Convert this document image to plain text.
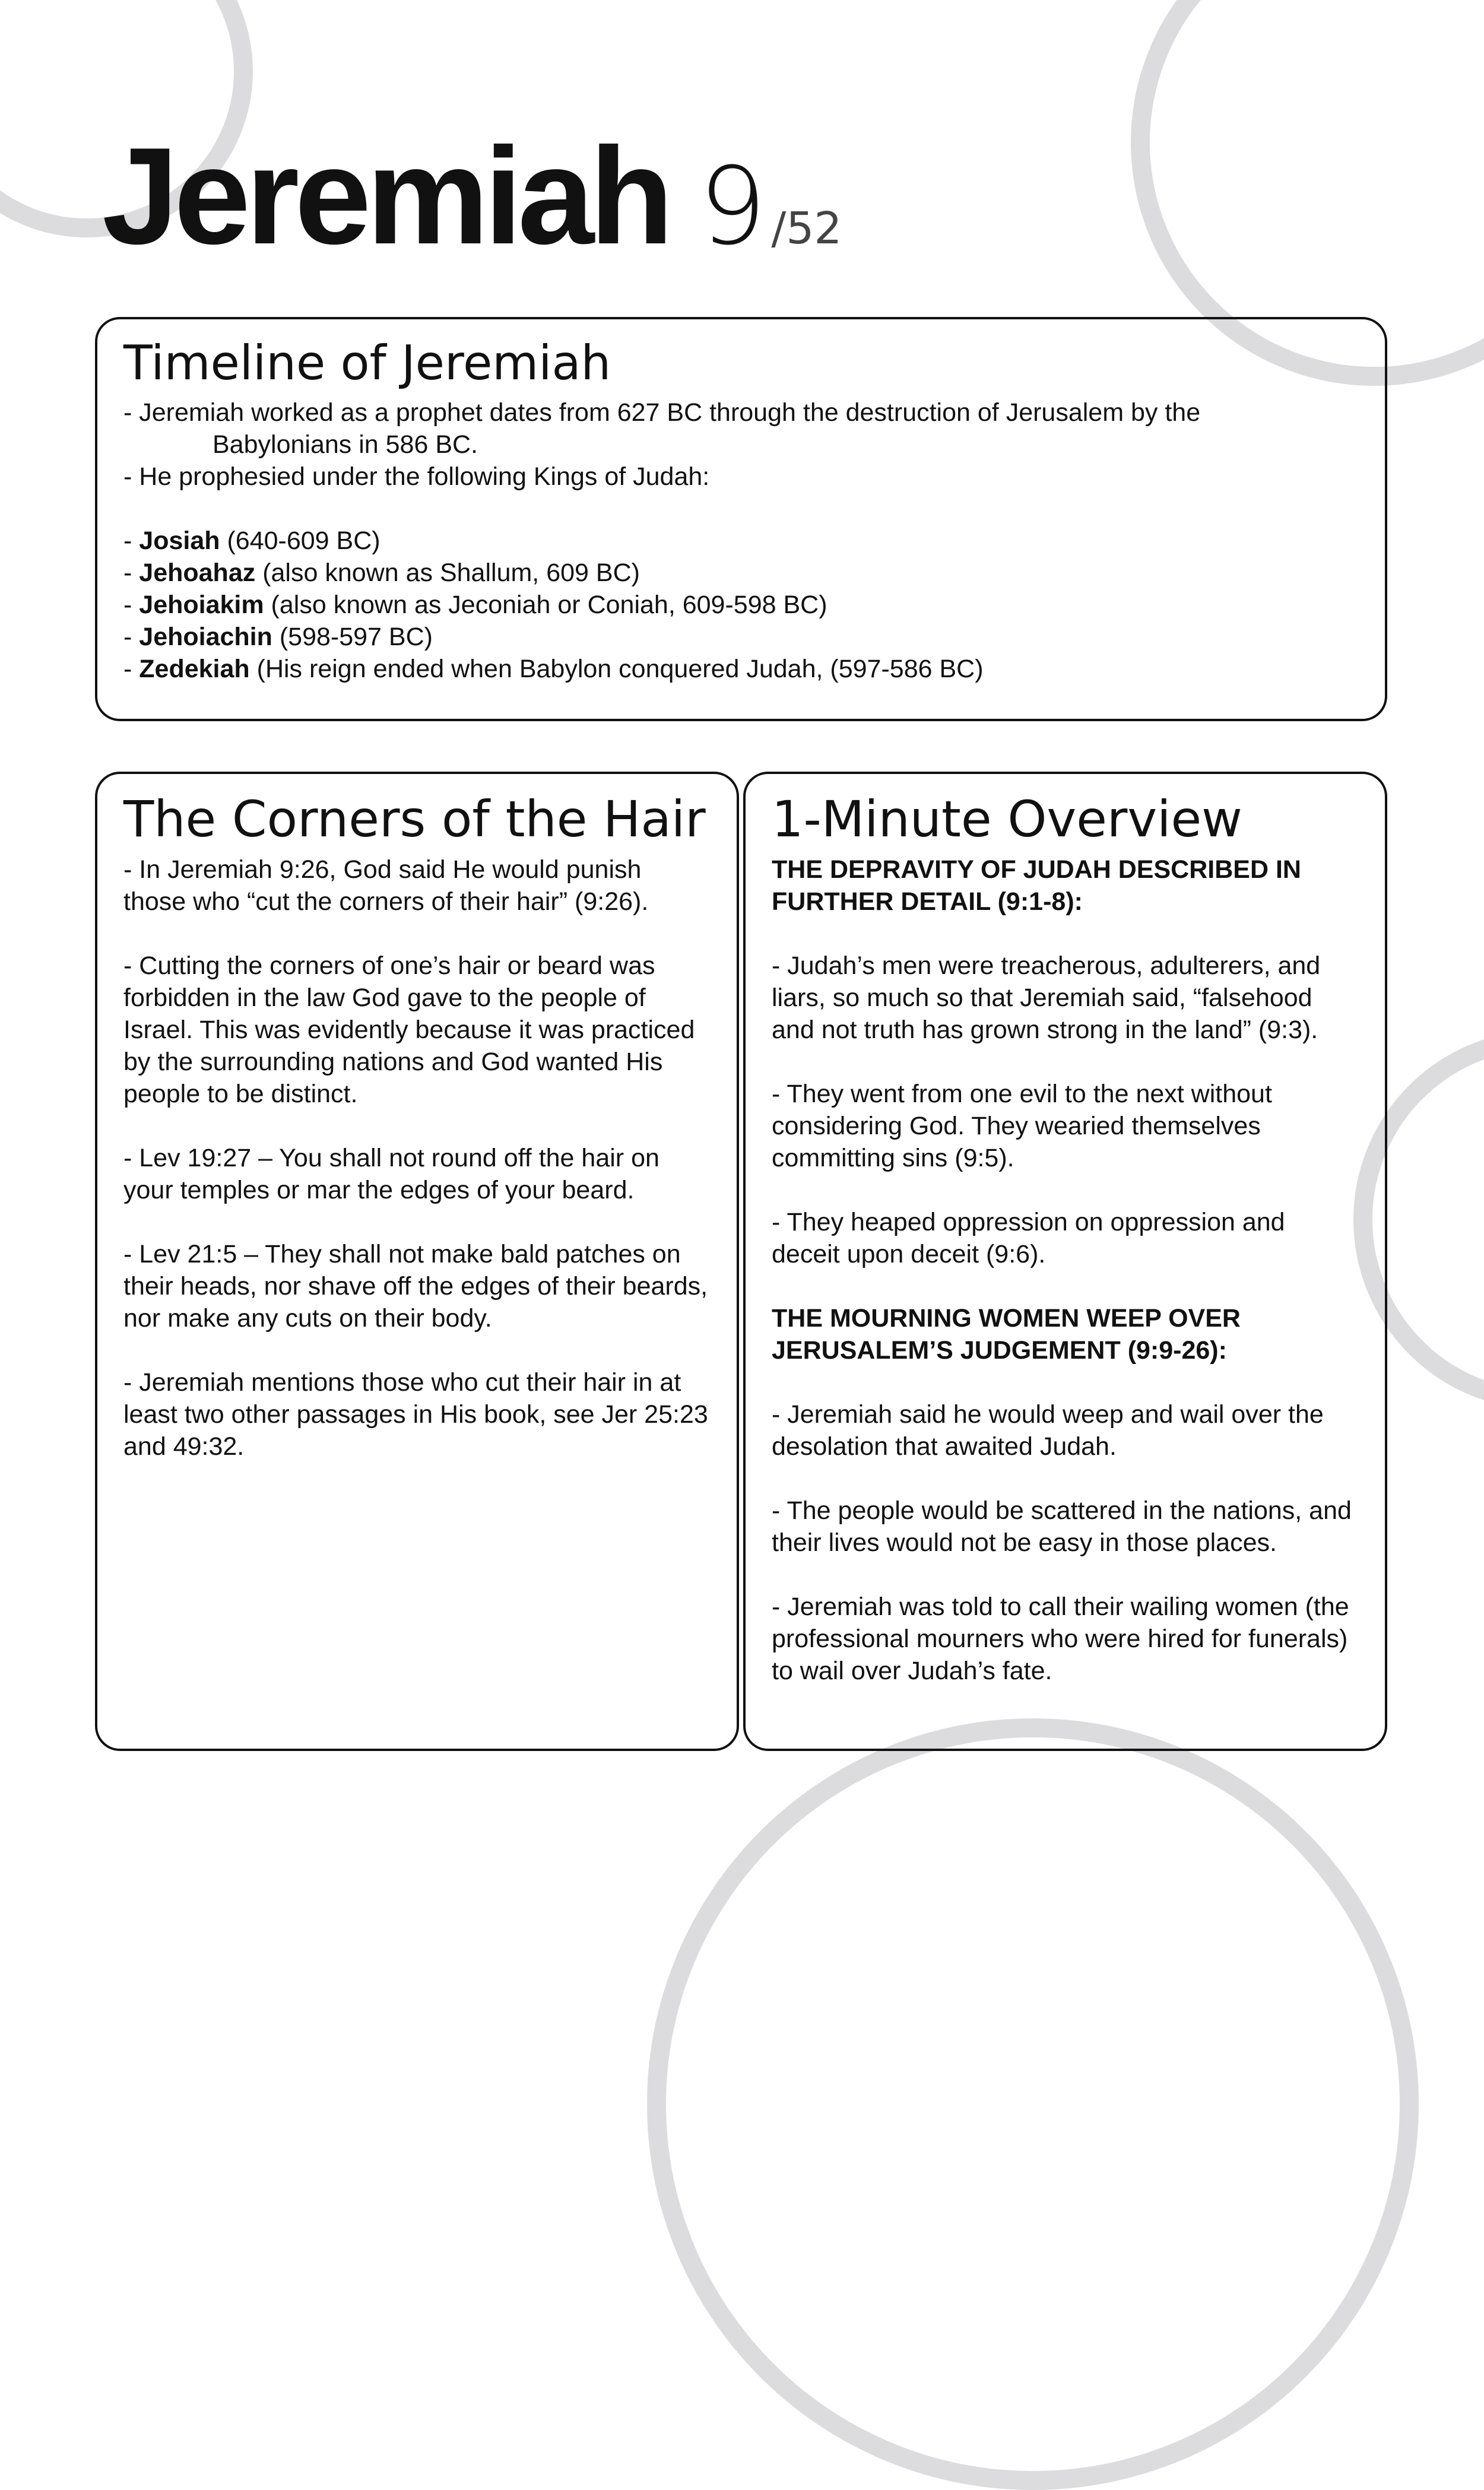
Jeremiah 9 /52
Timeline of Jeremiah

- Jeremiah worked as a prophet dates from 627 BC through the destruction of Jerusalem by the

Babylonians in 586 BC.

- He prophesied under the following Kings of Judah:

- Josiah (640-609 BC)

- Jehoahaz (also known as Shallum, 609 BC)

- Jehoiakim (also known as Jeconiah or Coniah, 609-598 BC)

- Jehoiachin (598-597 BC)

- Zedekiah (His reign ended when Babylon conquered Judah, (597-586 BC)

The Corners of the Hair

- In Jeremiah 9:26, God said He would punish those who “cut the corners of their hair” (9:26).

- Cutting the corners of one’s hair or beard was forbidden in the law God gave to the people of Israel. This was evidently because it was practiced by the surrounding nations and God wanted His people to be distinct.

- Lev 19:27 – You shall not round off the hair on your temples or mar the edges of your beard.

- Lev 21:5 – They shall not make bald patches on their heads, nor shave off the edges of their beards, nor make any cuts on their body.

- Jeremiah mentions those who cut their hair in at least two other passages in His book, see Jer 25:23 and 49:32.

1-Minute Overview

THE DEPRAVITY OF JUDAH DESCRIBED IN FURTHER DETAIL (9:1-8):

- Judah’s men were treacherous, adulterers, and liars, so much so that Jeremiah said, “falsehood and not truth has grown strong in the land” (9:3).

- They went from one evil to the next without considering God. They wearied themselves committing sins (9:5).

- They heaped oppression on oppression and deceit upon deceit (9:6).

THE MOURNING WOMEN WEEP OVER JERUSALEM’S JUDGEMENT (9:9-26):

- Jeremiah said he would weep and wail over the desolation that awaited Judah.

- The people would be scattered in the nations, and their lives would not be easy in those places.

- Jeremiah was told to call their wailing women (the professional mourners who were hired for funerals) to wail over Judah’s fate.
